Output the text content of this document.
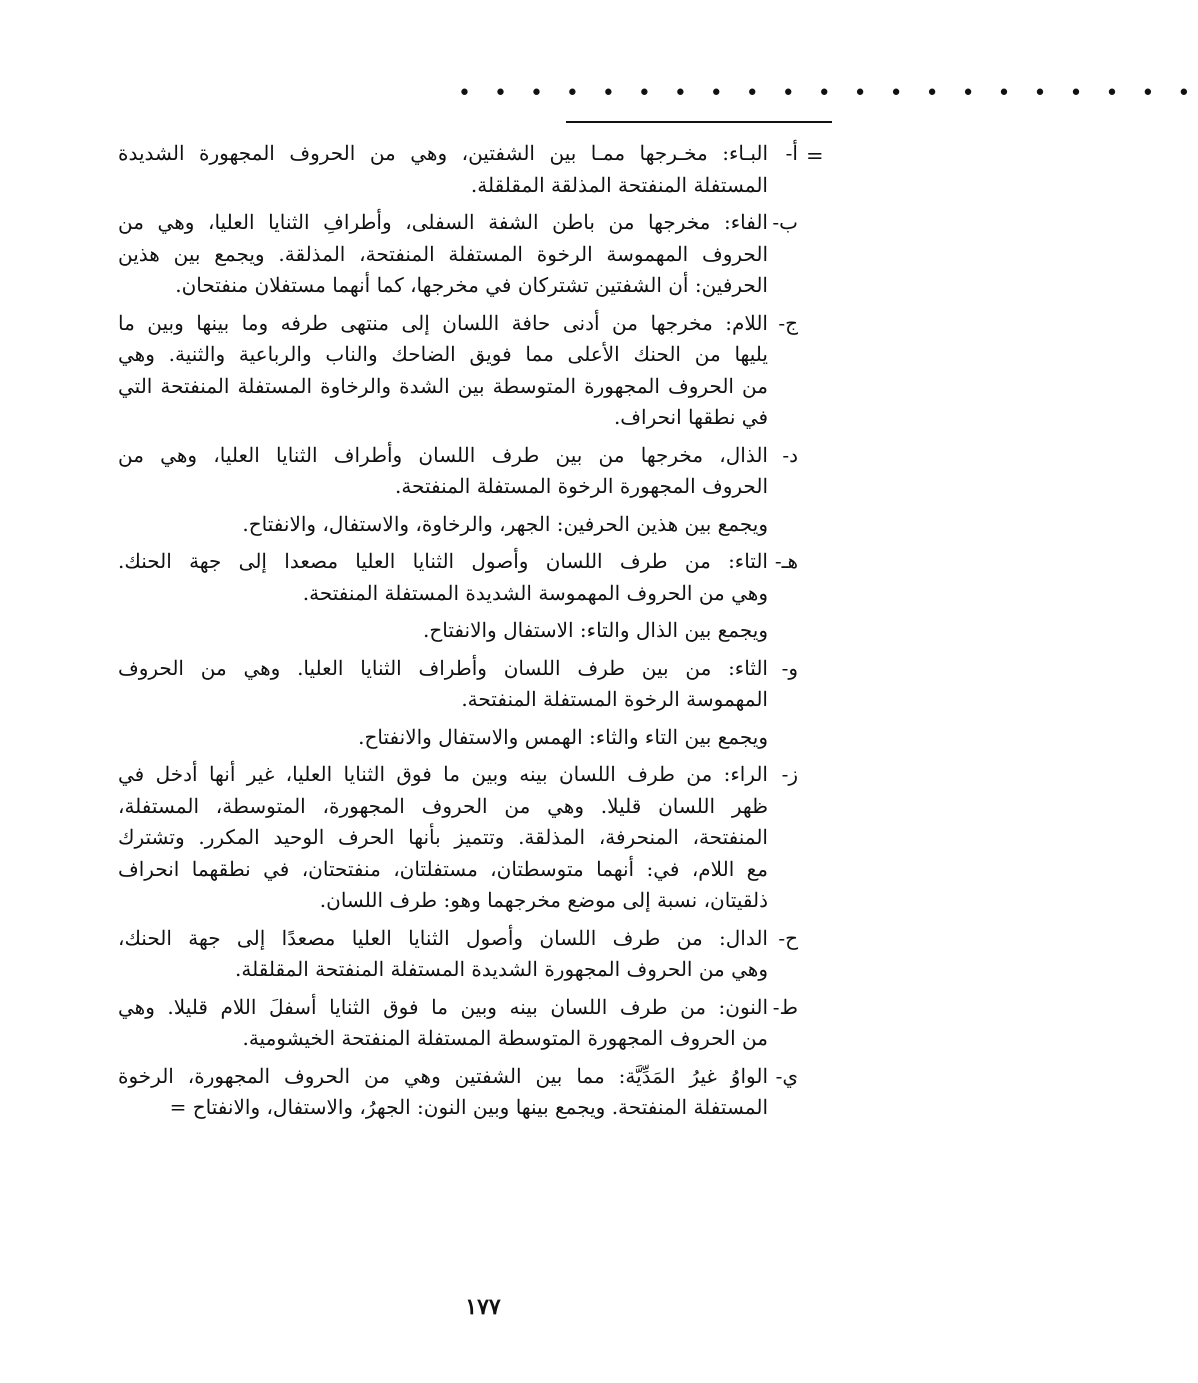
• • • • • • • • • • • • • • • • • • • • •
=
أ-
البـاء: مخـرجها ممـا بين الشفتين، وهي من الحروف المجهورة الشديدة
المستفلة المنفتحة المذلقة المقلقلة.
ب-
الفاء: مخرجها من باطن الشفة السفلى، وأطرافِ الثنايا العليا، وهي من
الحروف المهموسة الرخوة المستفلة المنفتحة، المذلقة. ويجمع بين هذين
الحرفين: أن الشفتين تشتركان في مخرجها، كما أنهما مستفلان منفتحان.
ج-
اللام: مخرجها من أدنى حافة اللسان إلى منتهى طرفه وما بينها وبين ما
يليها من الحنك الأعلى مما فويق الضاحك والناب والرباعية والثنية. وهي
من الحروف المجهورة المتوسطة بين الشدة والرخاوة المستفلة المنفتحة التي
في نطقها انحراف.
د-
الذال، مخرجها من بين طرف اللسان وأطراف الثنايا العليا، وهي من
الحروف المجهورة الرخوة المستفلة المنفتحة.
ويجمع بين هذين الحرفين: الجهر، والرخاوة، والاستفال، والانفتاح.
هـ-
التاء: من طرف اللسان وأصول الثنايا العليا مصعدا إلى جهة الحنك.
وهي من الحروف المهموسة الشديدة المستفلة المنفتحة.
ويجمع بين الذال والتاء: الاستفال والانفتاح.
و-
الثاء: من بين طرف اللسان وأطراف الثنايا العليا. وهي من الحروف
المهموسة الرخوة المستفلة المنفتحة.
ويجمع بين التاء والثاء: الهمس والاستفال والانفتاح.
ز-
الراء: من طرف اللسان بينه وبين ما فوق الثنايا العليا، غير أنها أدخل في
ظهر اللسان قليلا. وهي من الحروف المجهورة، المتوسطة، المستفلة،
المنفتحة، المنحرفة، المذلقة. وتتميز بأنها الحرف الوحيد المكرر. وتشترك
مع اللام، في: أنهما متوسطتان، مستفلتان، منفتحتان، في نطقهما انحراف
ذلقيتان، نسبة إلى موضع مخرجهما وهو: طرف اللسان.
ح-
الدال: من طرف اللسان وأصول الثنايا العليا مصعدًا إلى جهة الحنك،
وهي من الحروف المجهورة الشديدة المستفلة المنفتحة المقلقلة.
ط-
النون: من طرف اللسان بينه وبين ما فوق الثنايا أسفلَ اللام قليلا. وهي
من الحروف المجهورة المتوسطة المستفلة المنفتحة الخيشومية.
ي-
الواوُ غيرُ المَدِّيَّة: مما بين الشفتين وهي من الحروف المجهورة، الرخوة
المستفلة المنفتحة. ويجمع بينها وبين النون: الجهرُ، والاستفال، والانفتاح =
١٧٧
